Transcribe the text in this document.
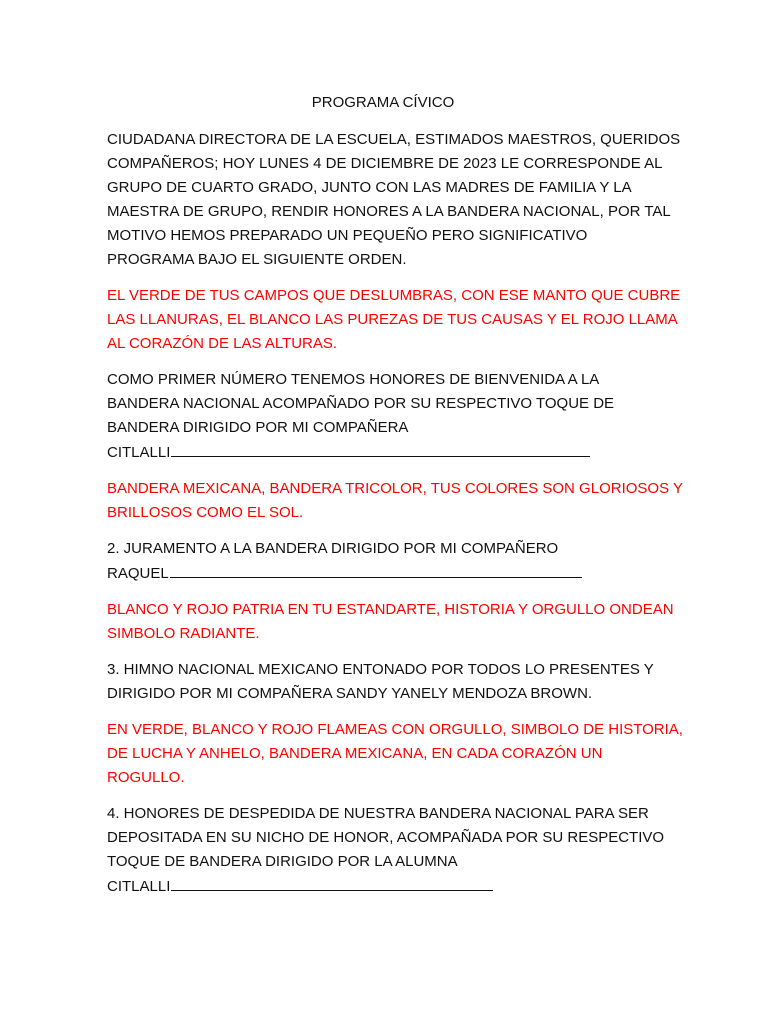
PROGRAMA CÍVICO
CIUDADANA DIRECTORA DE LA ESCUELA, ESTIMADOS MAESTROS, QUERIDOS
COMPAÑEROS; HOY LUNES 4 DE DICIEMBRE DE 2023 LE CORRESPONDE AL
GRUPO DE CUARTO GRADO, JUNTO CON LAS MADRES DE FAMILIA Y LA
MAESTRA DE GRUPO, RENDIR HONORES A LA BANDERA NACIONAL, POR TAL
MOTIVO HEMOS PREPARADO UN PEQUEÑO PERO SIGNIFICATIVO
PROGRAMA BAJO EL SIGUIENTE ORDEN.
EL VERDE DE TUS CAMPOS QUE DESLUMBRAS, CON ESE MANTO QUE CUBRE
LAS LLANURAS, EL BLANCO LAS PUREZAS DE TUS CAUSAS Y EL ROJO LLAMA
AL CORAZÓN DE LAS ALTURAS.
COMO PRIMER NÚMERO TENEMOS HONORES DE BIENVENIDA A LA
BANDERA NACIONAL ACOMPAÑADO POR SU RESPECTIVO TOQUE DE
BANDERA DIRIGIDO POR MI COMPAÑERA
CITLALLI
BANDERA MEXICANA, BANDERA TRICOLOR, TUS COLORES SON GLORIOSOS Y
BRILLOSOS COMO EL SOL.
2. JURAMENTO A LA BANDERA DIRIGIDO POR MI COMPAÑERO
RAQUEL
BLANCO Y ROJO PATRIA EN TU ESTANDARTE, HISTORIA Y ORGULLO ONDEAN
SIMBOLO RADIANTE.
3. HIMNO NACIONAL MEXICANO ENTONADO POR TODOS LO PRESENTES Y
DIRIGIDO POR MI COMPAÑERA SANDY YANELY MENDOZA BROWN.
EN VERDE, BLANCO Y ROJO FLAMEAS CON ORGULLO, SIMBOLO DE HISTORIA,
DE LUCHA Y ANHELO, BANDERA MEXICANA, EN CADA CORAZÓN UN
ROGULLO.
4. HONORES DE DESPEDIDA DE NUESTRA BANDERA NACIONAL PARA SER
DEPOSITADA EN SU NICHO DE HONOR, ACOMPAÑADA POR SU RESPECTIVO
TOQUE DE BANDERA DIRIGIDO POR LA ALUMNA
CITLALLI
